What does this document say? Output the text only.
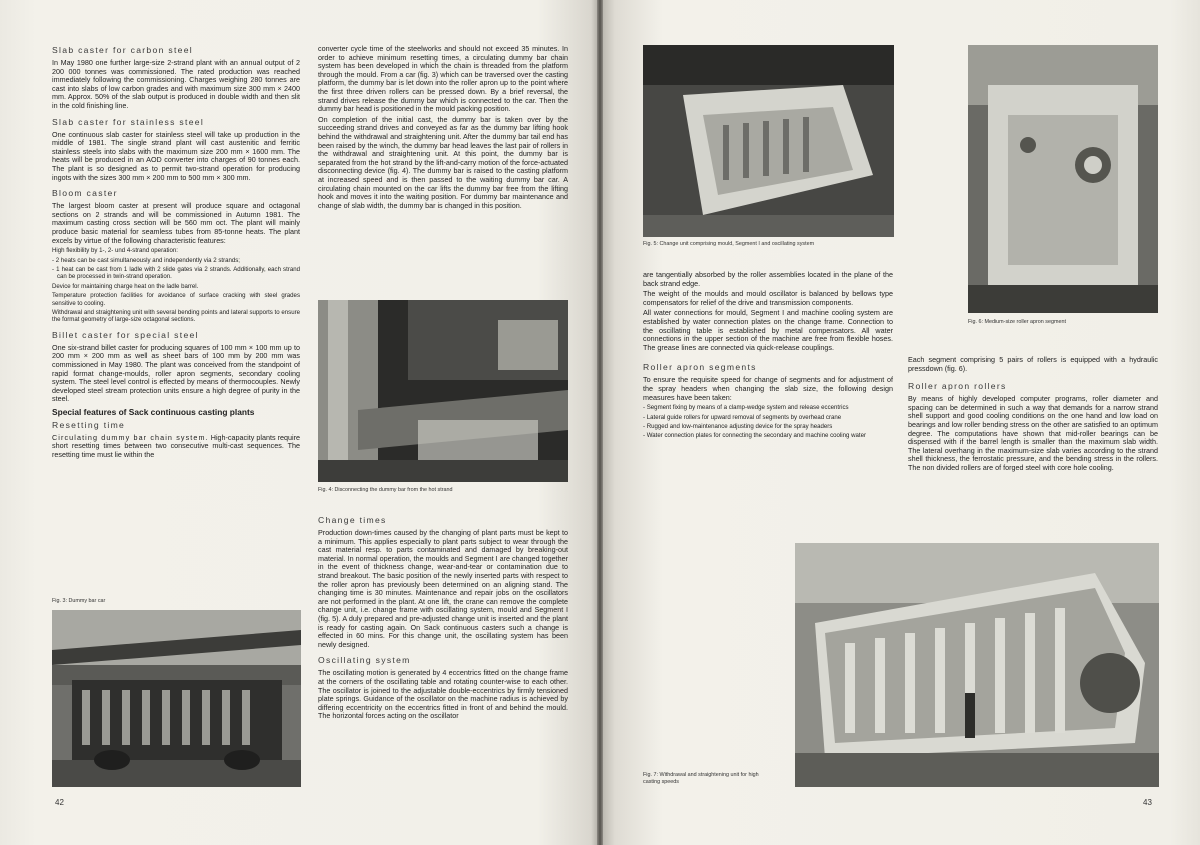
Slab caster for carbon steel

In May 1980 one further large-size 2-strand plant with an annual output of 2 200 000 tonnes was commissioned. The rated production was reached immediately following the commissioning. Charges weighing 280 tonnes are cast into slabs of low carbon grades and with maximum size 300 mm × 2400 mm. Approx. 50% of the slab output is produced in double width and then slit in the cold finishing line.

Slab caster for stainless steel

One continuous slab caster for stainless steel will take up production in the middle of 1981. The single strand plant will cast austenitic and ferritic stainless steels into slabs with the maximum size 200 mm × 1600 mm. The heats will be produced in an AOD converter into charges of 90 tonnes each. The plant is so designed as to permit two-strand operation for producing ingots with the sizes 300 mm × 200 mm to 500 mm × 300 mm.

Bloom caster

The largest bloom caster at present will produce square and octagonal sections on 2 strands and will be commissioned in Autumn 1981. The maximum casting cross section will be 560 mm oct. The plant will mainly produce basic material for seamless tubes from 85-tonne heats. The plant excels by virtue of the following characteristic features:

High flexibility by 1-, 2- und 4-strand operation:

- 2 heats can be cast simultaneously and independently via 2 strands;

- 1 heat can be cast from 1 ladle with 2 slide gates via 2 strands. Additionally, each strand can be processed in twin-strand operation.

Device for maintaining charge heat on the ladle barrel.

Temperature protection facilities for avoidance of surface cracking with steel grades sensitive to cooling.

Withdrawal and straightening unit with several bending points and lateral supports to ensure the format geometry of large-size octagonal sections.

Billet caster for special steel

One six-strand billet caster for producing squares of 100 mm × 100 mm up to 200 mm × 200 mm as well as sheet bars of 100 mm by 200 mm was commissioned in May 1980. The plant was conceived from the standpoint of rapid format change-moulds, roller apron segments, secondary cooling system. The steel level control is effected by means of thermocouples. Newly developed steel stream protection units ensure a high degree of purity in the steel.

Special features of Sack continuous casting plants
Resetting time

Circulating dummy bar chain system. High-capacity plants require short resetting times between two consecutive multi-cast sequences. The resetting time must lie within the

Fig. 3: Dummy bar car

converter cycle time of the steelworks and should not exceed 35 minutes. In order to achieve minimum resetting times, a circulating dummy bar chain system has been developed in which the chain is threaded from the platform through the mould. From a car (fig. 3) which can be traversed over the casting platform, the dummy bar is let down into the roller apron up to the point where the first three driven rollers can be pressed down. By a brief reversal, the strand drives release the dummy bar which is connected to the car. Then the dummy bar head is positioned in the mould packing position.

On completion of the initial cast, the dummy bar is taken over by the succeeding strand drives and conveyed as far as the dummy bar lifting hook behind the withdrawal and straightening unit. After the dummy bar tail end has been raised by the winch, the dummy bar head leaves the last pair of rollers in the withdrawal and straightening unit. At this point, the dummy bar is separated from the hot strand by the lift-and-carry motion of the force-actuated disconnecting device (fig. 4). The dummy bar is raised to the casting platform at increased speed and is then passed to the waiting dummy bar car. A circulating chain mounted on the car lifts the dummy bar free from the lifting hook and moves it into the waiting position. For dummy bar maintenance and change of slab width, the dummy bar is changed in this position.

Fig. 4: Disconnecting the dummy bar from the hot strand
Change times

Production down-times caused by the changing of plant parts must be kept to a minimum. This applies especially to plant parts subject to wear through the cast material resp. to parts contaminated and damaged by breaking-out material. In normal operation, the moulds and Segment I are changed together in the event of thickness change, wear-and-tear or contamination due to strand breakout. The basic position of the newly inserted parts with respect to the roller apron has previously been determined on an aligning stand. The changing time is 30 minutes. Maintenance and repair jobs on the oscillators are not performed in the plant. At one lift, the crane can remove the complete change unit, i.e. change frame with oscillating system, mould and Segment I (fig. 5). A duly prepared and pre-adjusted change unit is inserted and the plant is ready for casting again. On Sack continuous casters such a change is effected in 60 mins. For this change unit, the oscillating system has been newly designed.

Oscillating system

The oscillating motion is generated by 4 eccentrics fitted on the change frame at the corners of the oscillating table and rotating counter-wise to each other. The oscillator is joined to the adjustable double-eccentrics by firmly tensioned plate springs. Guidance of the oscillator on the machine radius is achieved by differing eccentricity on the eccentrics fitted in front of and behind the mould. The horizontal forces acting on the oscillator

42
Fig. 5: Change unit comprising mould, Segment I and oscillating system

are tangentially absorbed by the roller assemblies located in the plane of the back strand edge.

The weight of the moulds and mould oscillator is balanced by bellows type compensators for relief of the drive and transmission components.

All water connections for mould, Segment I and machine cooling system are established by water connection plates on the change frame. Connection to the oscillating table is established by metal compensators. All water connections in the upper section of the machine are free from flexible hoses. The grease lines are connected via quick-release couplings.

Roller apron segments

To ensure the requisite speed for change of segments and for adjustment of the spray headers when changing the slab size, the following design measures have been taken:

- Segment fixing by means of a clamp-wedge system and release eccentrics

- Lateral guide rollers for upward removal of segments by overhead crane

- Rugged and low-maintenance adjusting device for the spray headers

- Water connection plates for connecting the secondary and machine cooling water

Fig. 6: Medium-size roller apron segment

Each segment comprising 5 pairs of rollers is equipped with a hydraulic pressdown (fig. 6).

Roller apron rollers

By means of highly developed computer programs, roller diameter and spacing can be determined in such a way that demands for a narrow strand shell support and good cooling conditions on the one hand and low load on bearings and low roller bending stress on the other are satisfied to an optimum degree. The computations have shown that mid-roller bearings can be dispensed with if the barrel length is smaller than the maximum slab width. The lateral overhang in the maximum-size slab varies according to the strand shell thickness, the ferrostatic pressure, and the bending stress in the rollers. The non divided rollers are of forged steel with core hole cooling.

Fig. 7: Withdrawal and straightening unit for high casting speeds
43
